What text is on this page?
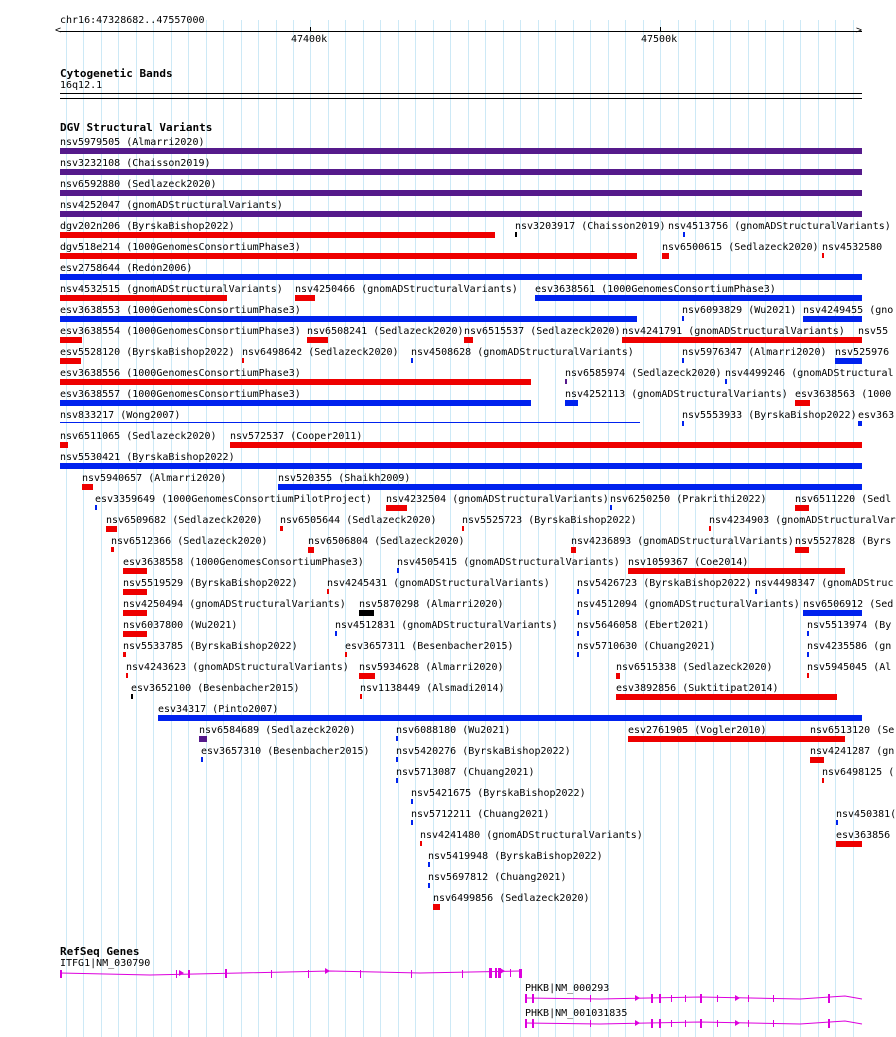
chr16:47328682..47557000
<	>
47400k	47500k
Cytogenetic Bands
16q12.1
DGV Structural Variants
nsv5979505 (Almarri2020)
nsv3232108 (Chaisson2019)
nsv6592880 (Sedlazeck2020)
nsv4252047 (gnomADStructuralVariants)
dgv202n206 (ByrskaBishop2022)	nsv3203917 (Chaisson2019) nsv4513756 (gnomADStructuralVariants)
dgv518e214 (1000GenomesConsortiumPhase3)	nsv6500615 (Sedlazeck2020) nsv4532580
esv2758644 (Redon2006)
nsv4532515 (gnomADStructuralVariants) nsv4250466 (gnomADStructuralVariants) esv3638561 (1000GenomesConsortiumPhase3)
esv3638553 (1000GenomesConsortiumPhase3)	nsv6093829 (Wu2021) nsv4249455 (gno
esv3638554 (1000GenomesConsortiumPhase3) nsv6508241 (Sedlazeck2020) nsv6515537 (Sedlazeck2020) nsv4241791 (gnomADStructuralVariants) nsv55
esv5528120 (ByrskaBishop2022) nsv6498642 (Sedlazeck2020) nsv4508628 (gnomADStructuralVariants)	nsv5976347 (Almarri2020) nsv525976
esv3638556 (1000GenomesConsortiumPhase3)	nsv6585974 (Sedlazeck2020) nsv4499246 (gnomADStructural
esv3638557 (1000GenomesConsortiumPhase3)	nsv4252113 (gnomADStructuralVariants) esv3638563 (1000
nsv833217 (Wong2007)	nsv5553933 (ByrskaBishop2022) esv363
nsv6511065 (Sedlazeck2020) nsv572537 (Cooper2011)
nsv5530421 (ByrskaBishop2022)
nsv5940657 (Almarri2020)	nsv520355 (Shaikh2009)
esv3359649 (1000GenomesConsortiumPilotProject) nsv4232504 (gnomADStructuralVariants) nsv6250250 (Prakrithi2022)	nsv6511220 (Sedl
nsv6509682 (Sedlazeck2020) nsv6505644 (Sedlazeck2020)	nsv5525723 (ByrskaBishop2022)	nsv4234903 (gnomADStructuralVar
nsv6512366 (Sedlazeck2020)	nsv6506804 (Sedlazeck2020)	nsv4236893 (gnomADStructuralVariants) nsv5527828 (Byrs
esv3638558 (1000GenomesConsortiumPhase3)	nsv4505415 (gnomADStructuralVariants) nsv1059367 (Coe2014)
nsv5519529 (ByrskaBishop2022)	nsv4245431 (gnomADStructuralVariants)	nsv5426723 (ByrskaBishop2022) nsv4498347 (gnomADStruc
nsv4250494 (gnomADStructuralVariants) nsv5870298 (Almarri2020)	nsv4512094 (gnomADStructuralVariants) nsv6506912 (Sed
nsv6037800 (Wu2021)	nsv4512831 (gnomADStructuralVariants) nsv5646058 (Ebert2021)	nsv5513974 (By
nsv5533785 (ByrskaBishop2022)	esv3657311 (Besenbacher2015)	nsv5710630 (Chuang2021)	nsv4235586 (gn
nsv4243623 (gnomADStructuralVariants) nsv5934628 (Almarri2020)	nsv6515338 (Sedlazeck2020)	nsv5945045 (Al
esv3652100 (Besenbacher2015)	nsv1138449 (Alsmadi2014)	esv3892856 (Suktitipat2014)
esv34317 (Pinto2007)
nsv6584689 (Sedlazeck2020)	nsv6088180 (Wu2021)	esv2761905 (Vogler2010)	nsv6513120 (Se
esv3657310 (Besenbacher2015)	nsv5420276 (ByrskaBishop2022)	nsv4241287 (gn
nsv5713087 (Chuang2021)	nsv6498125 (
nsv5421675 (ByrskaBishop2022)
nsv5712211 (Chuang2021)	nsv450381(
nsv4241480 (gnomADStructuralVariants)	esv363856
nsv5419948 (ByrskaBishop2022)
nsv5697812 (Chuang2021)
nsv6499856 (Sedlazeck2020)
RefSeq Genes
ITFG1|NM_030790
PHKB|NM_000293
PHKB|NM_001031835
